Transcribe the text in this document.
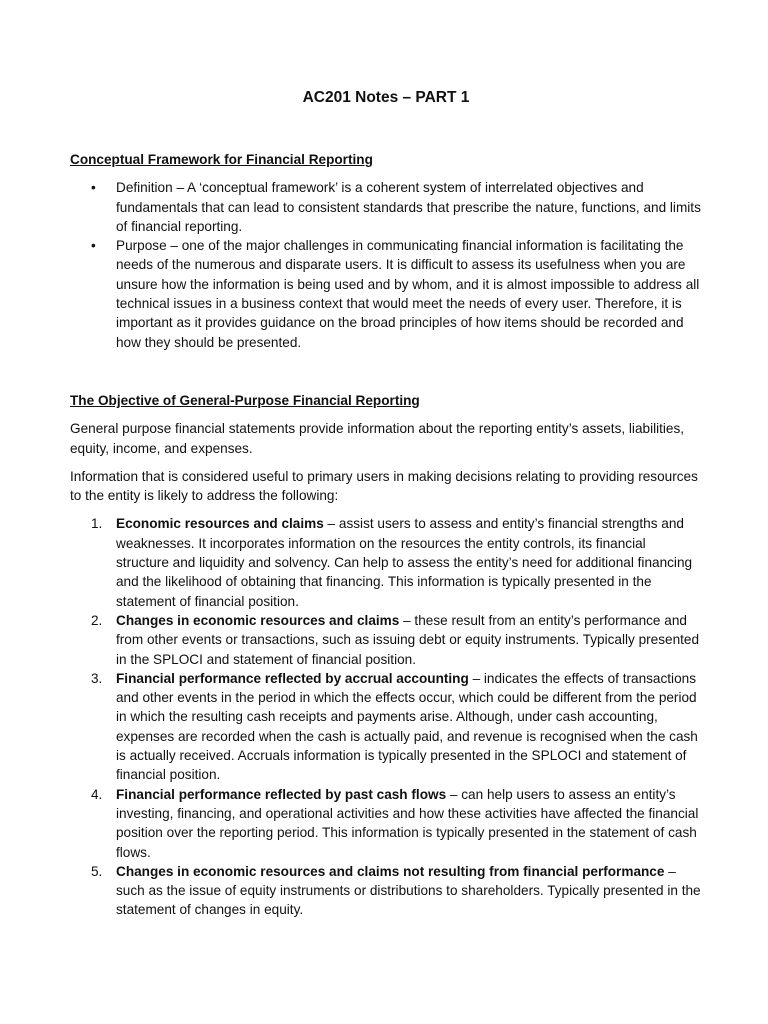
AC201 Notes – PART 1
Conceptual Framework for Financial Reporting
• Definition – A ‘conceptual framework’ is a coherent system of interrelated objectives and fundamentals that can lead to consistent standards that prescribe the nature, functions, and limits of financial reporting.
• Purpose – one of the major challenges in communicating financial information is facilitating the needs of the numerous and disparate users. It is difficult to assess its usefulness when you are unsure how the information is being used and by whom, and it is almost impossible to address all technical issues in a business context that would meet the needs of every user. Therefore, it is important as it provides guidance on the broad principles of how items should be recorded and how they should be presented.
The Objective of General-Purpose Financial Reporting

General purpose financial statements provide information about the reporting entity’s assets, liabilities, equity, income, and expenses.

Information that is considered useful to primary users in making decisions relating to providing resources to the entity is likely to address the following:

1. Economic resources and claims – assist users to assess and entity’s financial strengths and weaknesses. It incorporates information on the resources the entity controls, its financial structure and liquidity and solvency. Can help to assess the entity’s need for additional financing and the likelihood of obtaining that financing. This information is typically presented in the statement of financial position.
2. Changes in economic resources and claims – these result from an entity’s performance and from other events or transactions, such as issuing debt or equity instruments. Typically presented in the SPLOCI and statement of financial position.
3. Financial performance reflected by accrual accounting – indicates the effects of transactions and other events in the period in which the effects occur, which could be different from the period in which the resulting cash receipts and payments arise. Although, under cash accounting, expenses are recorded when the cash is actually paid, and revenue is recognised when the cash is actually received. Accruals information is typically presented in the SPLOCI and statement of financial position.
4. Financial performance reflected by past cash flows – can help users to assess an entity’s investing, financing, and operational activities and how these activities have affected the financial position over the reporting period. This information is typically presented in the statement of cash flows.
5. Changes in economic resources and claims not resulting from financial performance – such as the issue of equity instruments or distributions to shareholders. Typically presented in the statement of changes in equity.
